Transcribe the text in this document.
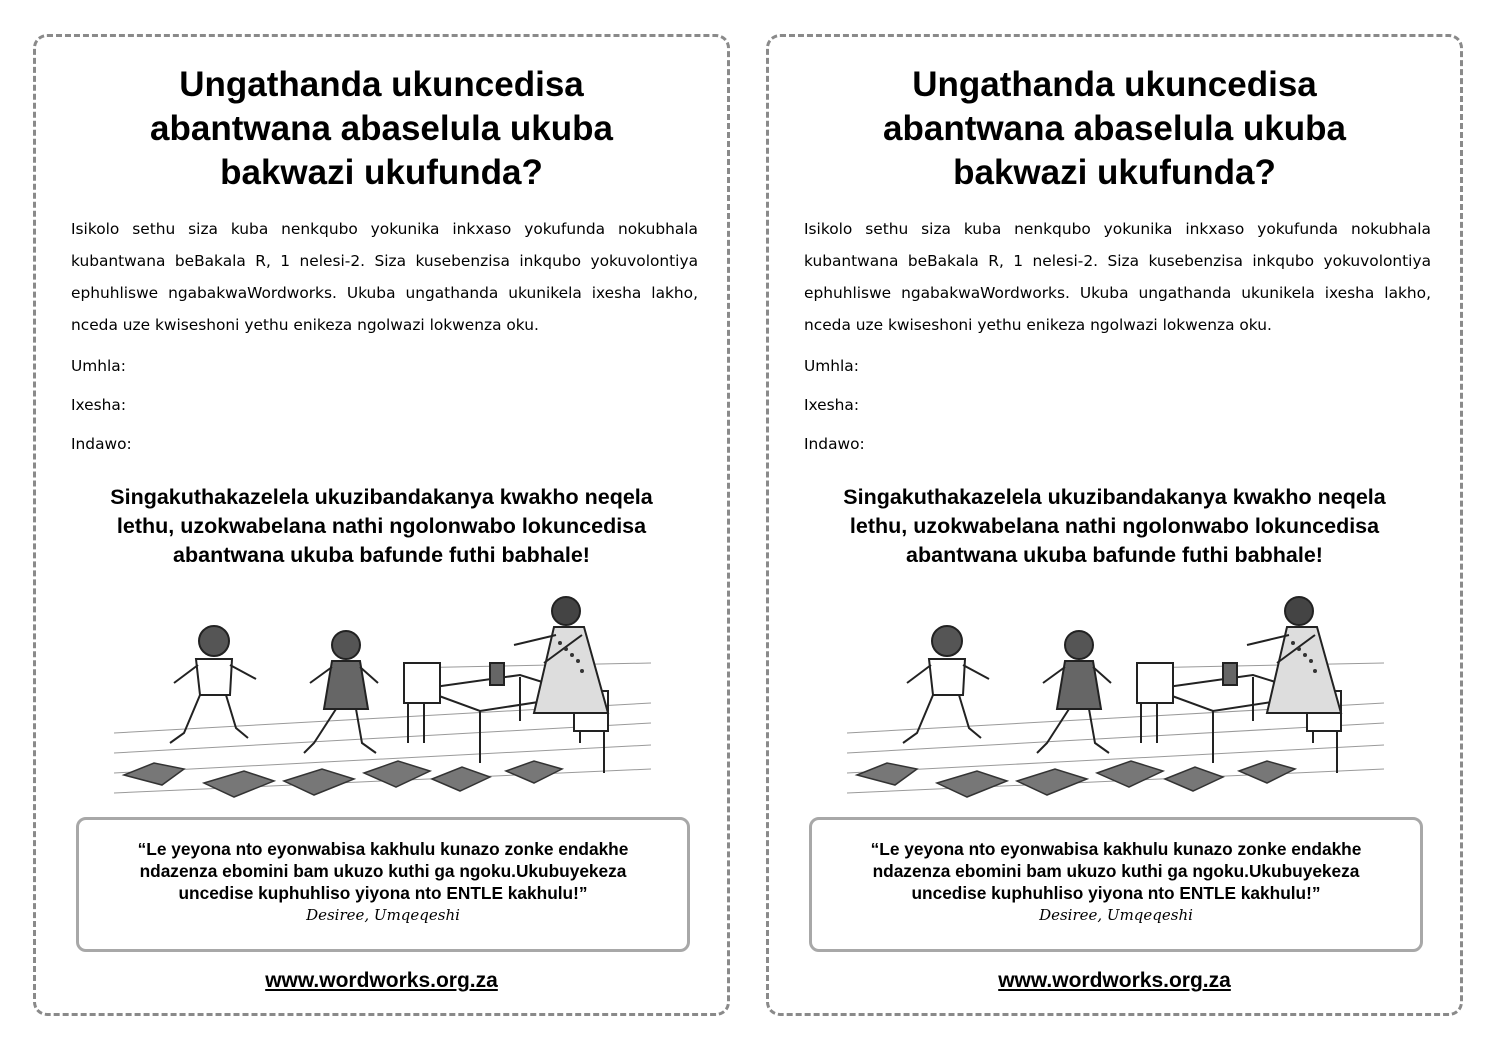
Ungathanda ukuncedisa
abantwana abaselula ukuba
bakwazi ukufunda?

Isikolo sethu siza kuba nenkqubo yokunika inkxaso yokufunda nokubhala kubantwana beBakala R, 1 nelesi-2. Siza kusebenzisa inkqubo yokuvolontiya ephuhliswe ngabakwaWordworks. Ukuba ungathanda ukunikela ixesha lakho, nceda uze kwiseshoni yethu enikeza ngolwazi lokwenza oku.

Umhla:
Ixesha:
Indawo:
Singakuthakazelela ukuzibandakanya kwakho neqela
lethu, uzokwabelana nathi ngolonwabo lokuncedisa
abantwana ukuba bafunde futhi babhale!
“Le yeyona nto eyonwabisa kakhulu kunazo zonke endakhe
ndazenza ebomini bam ukuzo kuthi ga ngoku.Ukubuyekeza
uncedise kuphuhliso yiyona nto ENTLE kakhulu!”
Desiree, Umqeqeshi
www.wordworks.org.za
Ungathanda ukuncedisa
abantwana abaselula ukuba
bakwazi ukufunda?

Isikolo sethu siza kuba nenkqubo yokunika inkxaso yokufunda nokubhala kubantwana beBakala R, 1 nelesi-2. Siza kusebenzisa inkqubo yokuvolontiya ephuhliswe ngabakwaWordworks. Ukuba ungathanda ukunikela ixesha lakho, nceda uze kwiseshoni yethu enikeza ngolwazi lokwenza oku.

Umhla:
Ixesha:
Indawo:
Singakuthakazelela ukuzibandakanya kwakho neqela
lethu, uzokwabelana nathi ngolonwabo lokuncedisa
abantwana ukuba bafunde futhi babhale!
“Le yeyona nto eyonwabisa kakhulu kunazo zonke endakhe
ndazenza ebomini bam ukuzo kuthi ga ngoku.Ukubuyekeza
uncedise kuphuhliso yiyona nto ENTLE kakhulu!”
Desiree, Umqeqeshi
www.wordworks.org.za
